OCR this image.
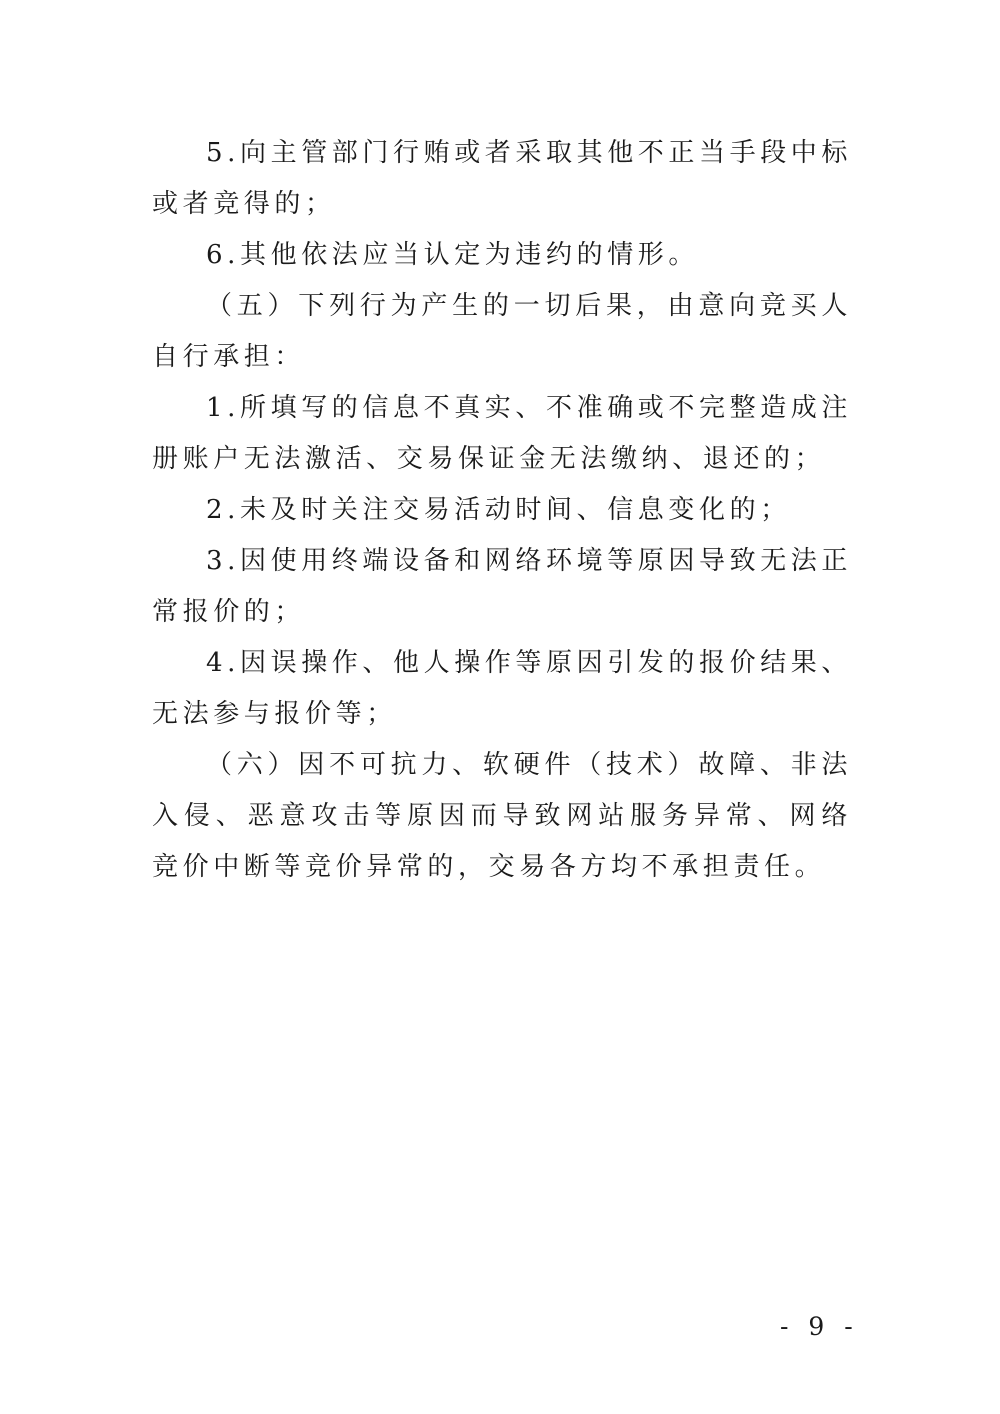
5.向主管部门行贿或者采取其他不正当手段中标或者竞得的；

6.其他依法应当认定为违约的情形。

（五）下列行为产生的一切后果，由意向竞买人自行承担：

1.所填写的信息不真实、不准确或不完整造成注册账户无法激活、交易保证金无法缴纳、退还的；

2.未及时关注交易活动时间、信息变化的；

3.因使用终端设备和网络环境等原因导致无法正常报价的；

4.因误操作、他人操作等原因引发的报价结果、无法参与报价等；

（六）因不可抗力、软硬件（技术）故障、非法入侵、恶意攻击等原因而导致网站服务异常、网络竞价中断等竞价异常的，交易各方均不承担责任。

- 9 -
